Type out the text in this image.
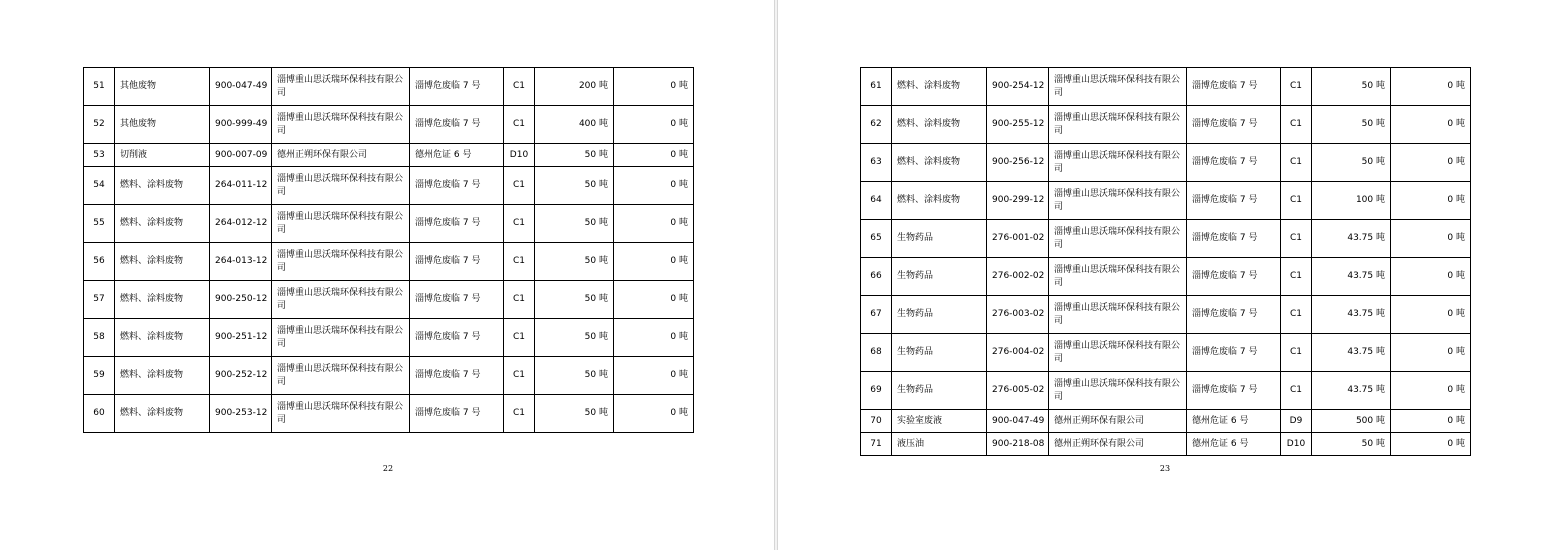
51	其他废物	900-047-49	淄博重山思沃瑞环保科技有限公司	淄博危废临 7 号	C1	200 吨	0 吨
52	其他废物	900-999-49	淄博重山思沃瑞环保科技有限公司	淄博危废临 7 号	C1	400 吨	0 吨
53	切削液	900-007-09	德州正朔环保有限公司	德州危证 6 号	D10	50 吨	0 吨
54	燃料、涂料废物	264-011-12	淄博重山思沃瑞环保科技有限公司	淄博危废临 7 号	C1	50 吨	0 吨
55	燃料、涂料废物	264-012-12	淄博重山思沃瑞环保科技有限公司	淄博危废临 7 号	C1	50 吨	0 吨
56	燃料、涂料废物	264-013-12	淄博重山思沃瑞环保科技有限公司	淄博危废临 7 号	C1	50 吨	0 吨
57	燃料、涂料废物	900-250-12	淄博重山思沃瑞环保科技有限公司	淄博危废临 7 号	C1	50 吨	0 吨
58	燃料、涂料废物	900-251-12	淄博重山思沃瑞环保科技有限公司	淄博危废临 7 号	C1	50 吨	0 吨
59	燃料、涂料废物	900-252-12	淄博重山思沃瑞环保科技有限公司	淄博危废临 7 号	C1	50 吨	0 吨
60	燃料、涂料废物	900-253-12	淄博重山思沃瑞环保科技有限公司	淄博危废临 7 号	C1	50 吨	0 吨
22
61	燃料、涂料废物	900-254-12	淄博重山思沃瑞环保科技有限公司	淄博危废临 7 号	C1	50 吨	0 吨
62	燃料、涂料废物	900-255-12	淄博重山思沃瑞环保科技有限公司	淄博危废临 7 号	C1	50 吨	0 吨
63	燃料、涂料废物	900-256-12	淄博重山思沃瑞环保科技有限公司	淄博危废临 7 号	C1	50 吨	0 吨
64	燃料、涂料废物	900-299-12	淄博重山思沃瑞环保科技有限公司	淄博危废临 7 号	C1	100 吨	0 吨
65	生物药品	276-001-02	淄博重山思沃瑞环保科技有限公司	淄博危废临 7 号	C1	43.75 吨	0 吨
66	生物药品	276-002-02	淄博重山思沃瑞环保科技有限公司	淄博危废临 7 号	C1	43.75 吨	0 吨
67	生物药品	276-003-02	淄博重山思沃瑞环保科技有限公司	淄博危废临 7 号	C1	43.75 吨	0 吨
68	生物药品	276-004-02	淄博重山思沃瑞环保科技有限公司	淄博危废临 7 号	C1	43.75 吨	0 吨
69	生物药品	276-005-02	淄博重山思沃瑞环保科技有限公司	淄博危废临 7 号	C1	43.75 吨	0 吨
70	实验室废液	900-047-49	德州正朔环保有限公司	德州危证 6 号	D9	500 吨	0 吨
71	液压油	900-218-08	德州正朔环保有限公司	德州危证 6 号	D10	50 吨	0 吨
23
